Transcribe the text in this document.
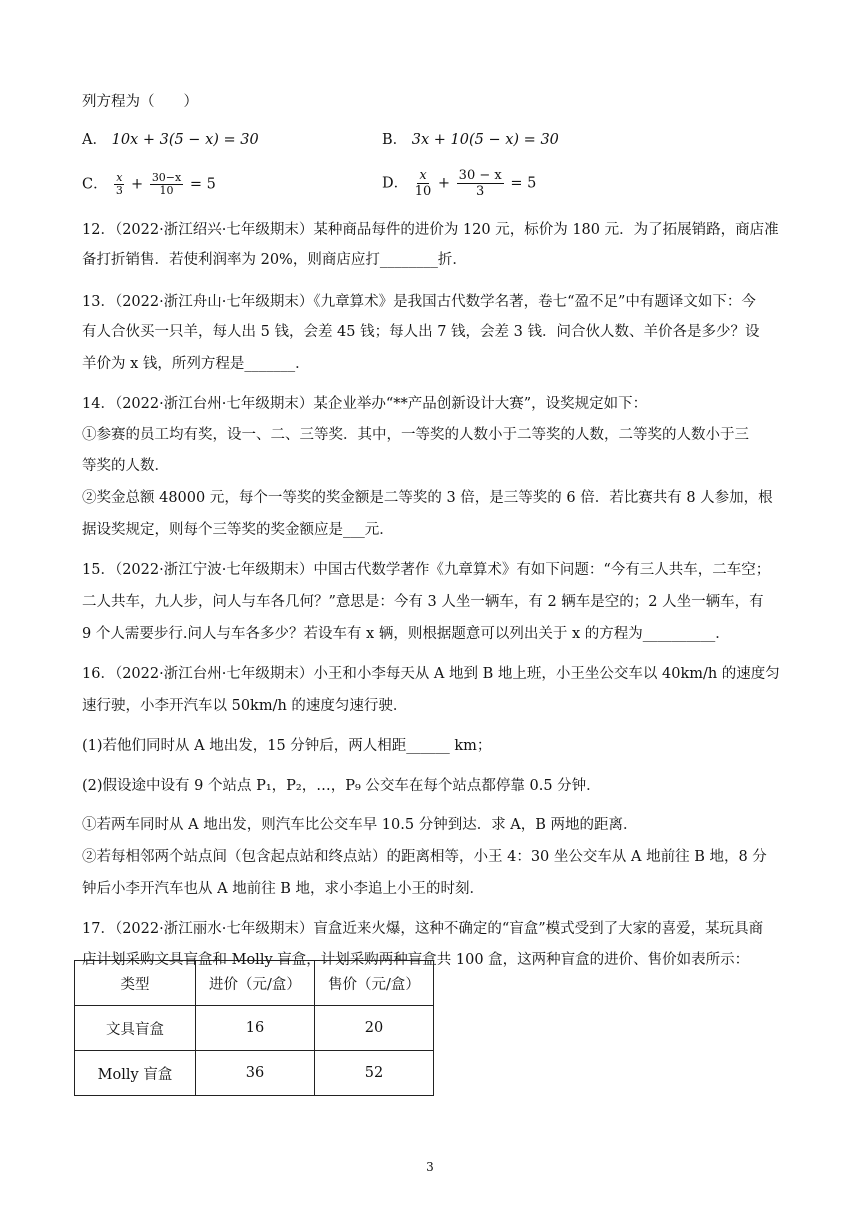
列方程为（　　）
A． 10x + 3(5 − x) = 30	B． 3x + 10(5 − x) = 30
C． $\frac{x}{3} + \frac{30-x}{10} = 5$	D． $\frac{x}{10} + \frac{30 - x}{3} = 5$
12．（2022·浙江绍兴·七年级期末）某种商品每件的进价为 120 元，标价为 180 元．为了拓展销路，商店准
备打折销售．若使利润率为 20%，则商店应打________折．
13．（2022·浙江舟山·七年级期末）《九章算术》是我国古代数学名著，卷七“盈不足”中有题译文如下：今
有人合伙买一只羊，每人出 5 钱，会差 45 钱；每人出 7 钱，会差 3 钱．问合伙人数、羊价各是多少？设
羊价为 x 钱，所列方程是_______．
14．（2022·浙江台州·七年级期末）某企业举办“**产品创新设计大赛”，设奖规定如下：
①参赛的员工均有奖，设一、二、三等奖．其中，一等奖的人数小于二等奖的人数，二等奖的人数小于三
等奖的人数．
②奖金总额 48000 元，每个一等奖的奖金额是二等奖的 3 倍，是三等奖的 6 倍．若比赛共有 8 人参加，根
据设奖规定，则每个三等奖的奖金额应是___元．
15．（2022·浙江宁波·七年级期末）中国古代数学著作《九章算术》有如下问题：“今有三人共车，二车空；
二人共车，九人步，问人与车各几何？”意思是：今有 3 人坐一辆车，有 2 辆车是空的；2 人坐一辆车，有
9 个人需要步行.问人与车各多少？若设车有 x 辆，则根据题意可以列出关于 x 的方程为__________．
16．（2022·浙江台州·七年级期末）小王和小李每天从 A 地到 B 地上班，小王坐公交车以 40km/h 的速度匀
速行驶，小李开汽车以 50km/h 的速度匀速行驶．
(1)若他们同时从 A 地出发，15 分钟后，两人相距______ km；
(2)假设途中设有 9 个站点 P₁，P₂，…，P₉ 公交车在每个站点都停靠 0.5 分钟．
①若两车同时从 A 地出发，则汽车比公交车早 10.5 分钟到达．求 A，B 两地的距离．
②若每相邻两个站点间（包含起点站和终点站）的距离相等，小王 4：30 坐公交车从 A 地前往 B 地，8 分
钟后小李开汽车也从 A 地前往 B 地，求小李追上小王的时刻．
17．（2022·浙江丽水·七年级期末）盲盒近来火爆，这种不确定的“盲盒”模式受到了大家的喜爱，某玩具商
店计划采购文具盲盒和 Molly 盲盒，计划采购两种盲盒共 100 盒，这两种盲盒的进价、售价如表所示：
类型	进价（元/盒）	售价（元/盒）
文具盲盒	16	20
Molly 盲盒	36	52
3
